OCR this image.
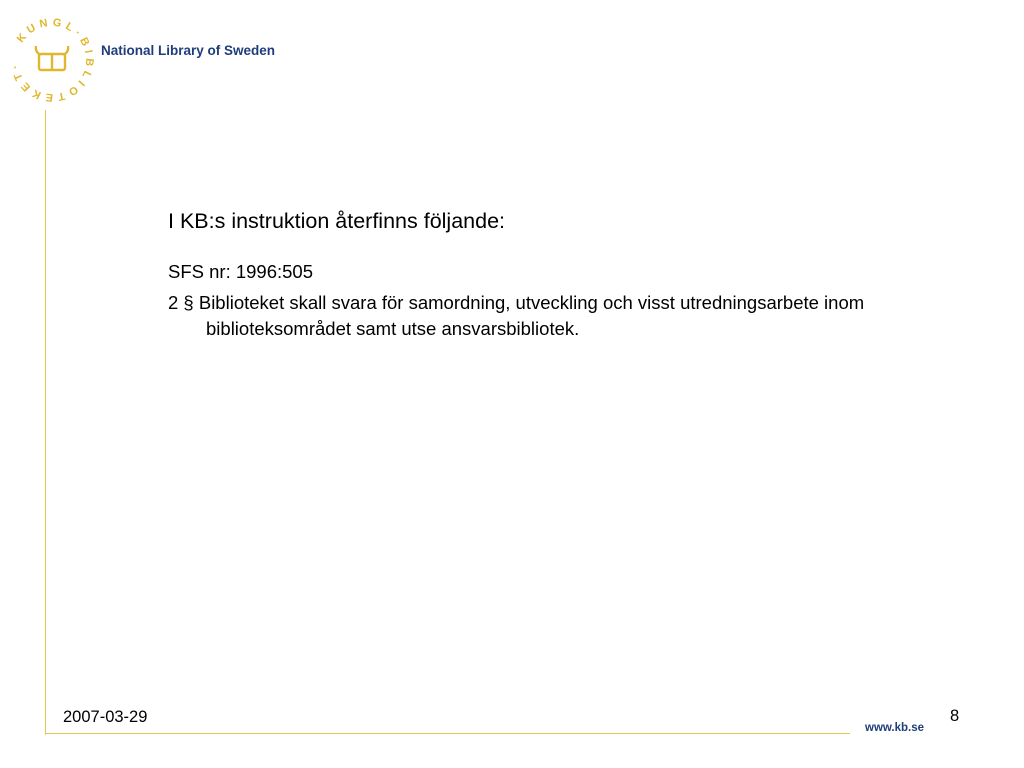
KUNGL·BIBLIOTEKET·
National Library of Sweden

I KB:s instruktion återfinns följande:

SFS nr: 1996:505

2 § Biblioteket skall svara för samordning, utveckling och visst utredningsarbete inom biblioteksområdet samt utse ansvarsbibliotek.

2007-03-29	8
www.kb.se
